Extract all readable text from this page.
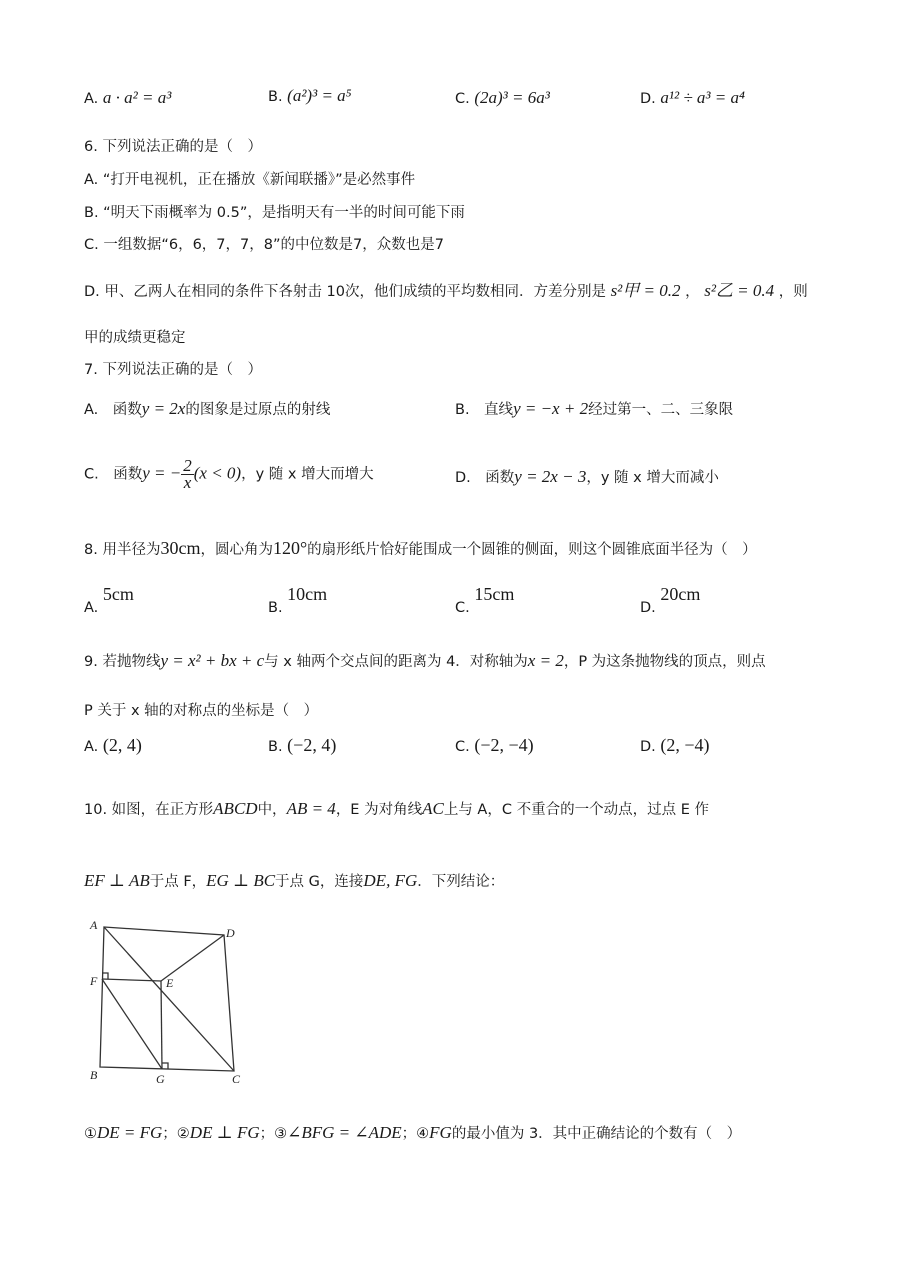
A. a · a² = a³	B. (a²)³ = a⁵	C. (2a)³ = 6a³	D. a¹² ÷ a³ = a⁴
6. 下列说法正确的是（　）
A. “打开电视机，正在播放《新闻联播》”是必然事件
B. “明天下雨概率为 0.5”，是指明天有一半的时间可能下雨
C. 一组数据“6，6，7，7，8”的中位数是7，众数也是7
D. 甲、乙两人在相同的条件下各射击 10次，他们成绩的平均数相同．方差分别是 s²甲 = 0.2 ， s²乙 = 0.4 ，则
甲的成绩更稳定
7. 下列说法正确的是（　）
A.　函数y = 2x的图象是过原点的射线	B.　直线y = −x + 2经过第一、二、三象限
C.　函数y = − $\frac{2}{x} (x < 0)$，y 随 x 增大而增大	D.　函数y = 2x − 3，y 随 x 增大而减小
8. 用半径为30cm，圆心角为120°的扇形纸片恰好能围成一个圆锥的侧面，则这个圆锥底面半径为（　）
A. 5cm
B. 10cm
C. 15cm
D. 20cm
9. 若抛物线y = x² + bx + c与 x 轴两个交点间的距离为 4．对称轴为x = 2，P 为这条抛物线的顶点，则点
P 关于 x 轴的对称点的坐标是（　）
A. (2, 4)	B. (−2, 4)	C. (−2, −4)	D. (2, −4)
10. 如图，在正方形ABCD中，AB = 4，E 为对角线AC上与 A，C 不重合的一个动点，过点 E 作
EF ⊥ AB于点 F，EG ⊥ BC于点 G，连接DE, FG．下列结论：
A
D
F	E
B	G	C
①DE = FG；②DE ⊥ FG；③∠BFG = ∠ADE；④FG的最小值为 3．其中正确结论的个数有（　）
